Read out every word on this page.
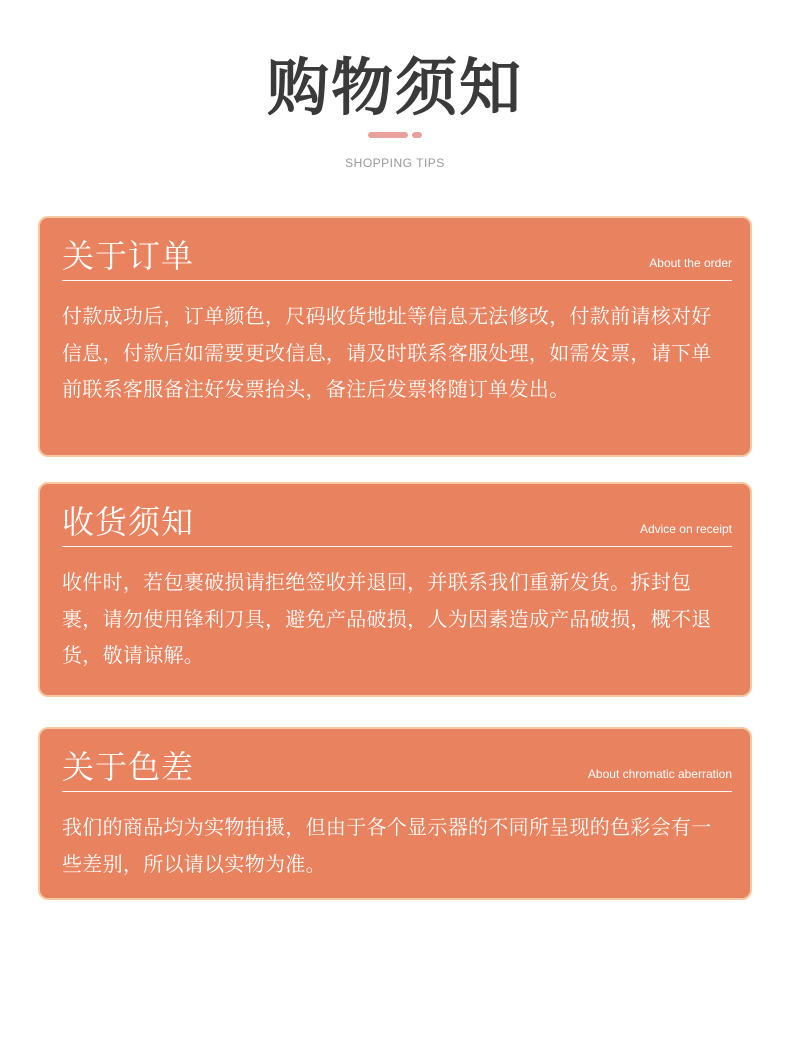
购物须知
SHOPPING TIPS
关于订单	About the order
付款成功后，订单颜色，尺码收货地址等信息无法修改，付款前请核对好信息，付款后如需要更改信息，请及时联系客服处理，如需发票，请下单前联系客服备注好发票抬头，备注后发票将随订单发出。
收货须知	Advice on receipt
收件时，若包裹破损请拒绝签收并退回，并联系我们重新发货。拆封包裹，请勿使用锋利刀具，避免产品破损，人为因素造成产品破损，概不退货，敬请谅解。
关于色差	About chromatic aberration
我们的商品均为实物拍摄，但由于各个显示器的不同所呈现的色彩会有一些差别，所以请以实物为准。
